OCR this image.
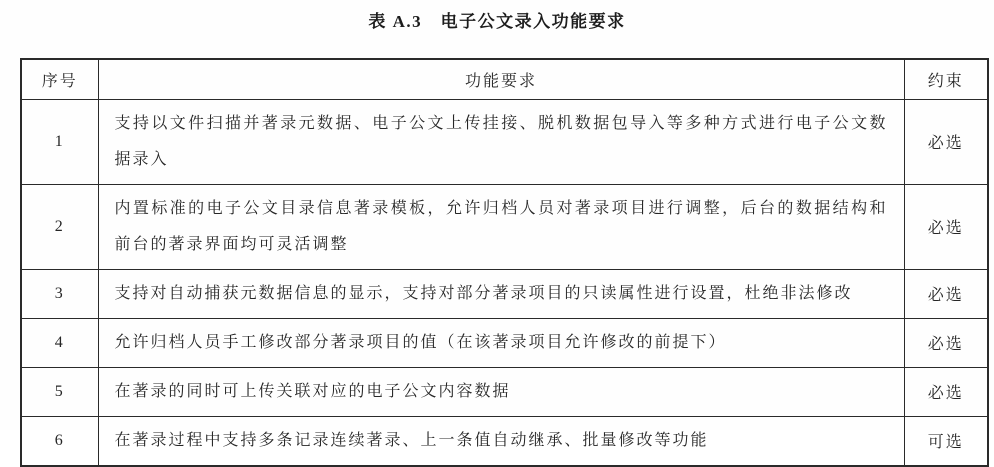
表 A.3　电子公文录入功能要求
序号	功能要求	约束
1	支持以文件扫描并著录元数据、电子公文上传挂接、脱机数据包导入等多种方式进行电子公文数据录入	必选
2	内置标准的电子公文目录信息著录模板，允许归档人员对著录项目进行调整，后台的数据结构和前台的著录界面均可灵活调整	必选
3	支持对自动捕获元数据信息的显示，支持对部分著录项目的只读属性进行设置，杜绝非法修改	必选
4	允许归档人员手工修改部分著录项目的值（在该著录项目允许修改的前提下）	必选
5	在著录的同时可上传关联对应的电子公文内容数据	必选
6	在著录过程中支持多条记录连续著录、上一条值自动继承、批量修改等功能	可选
